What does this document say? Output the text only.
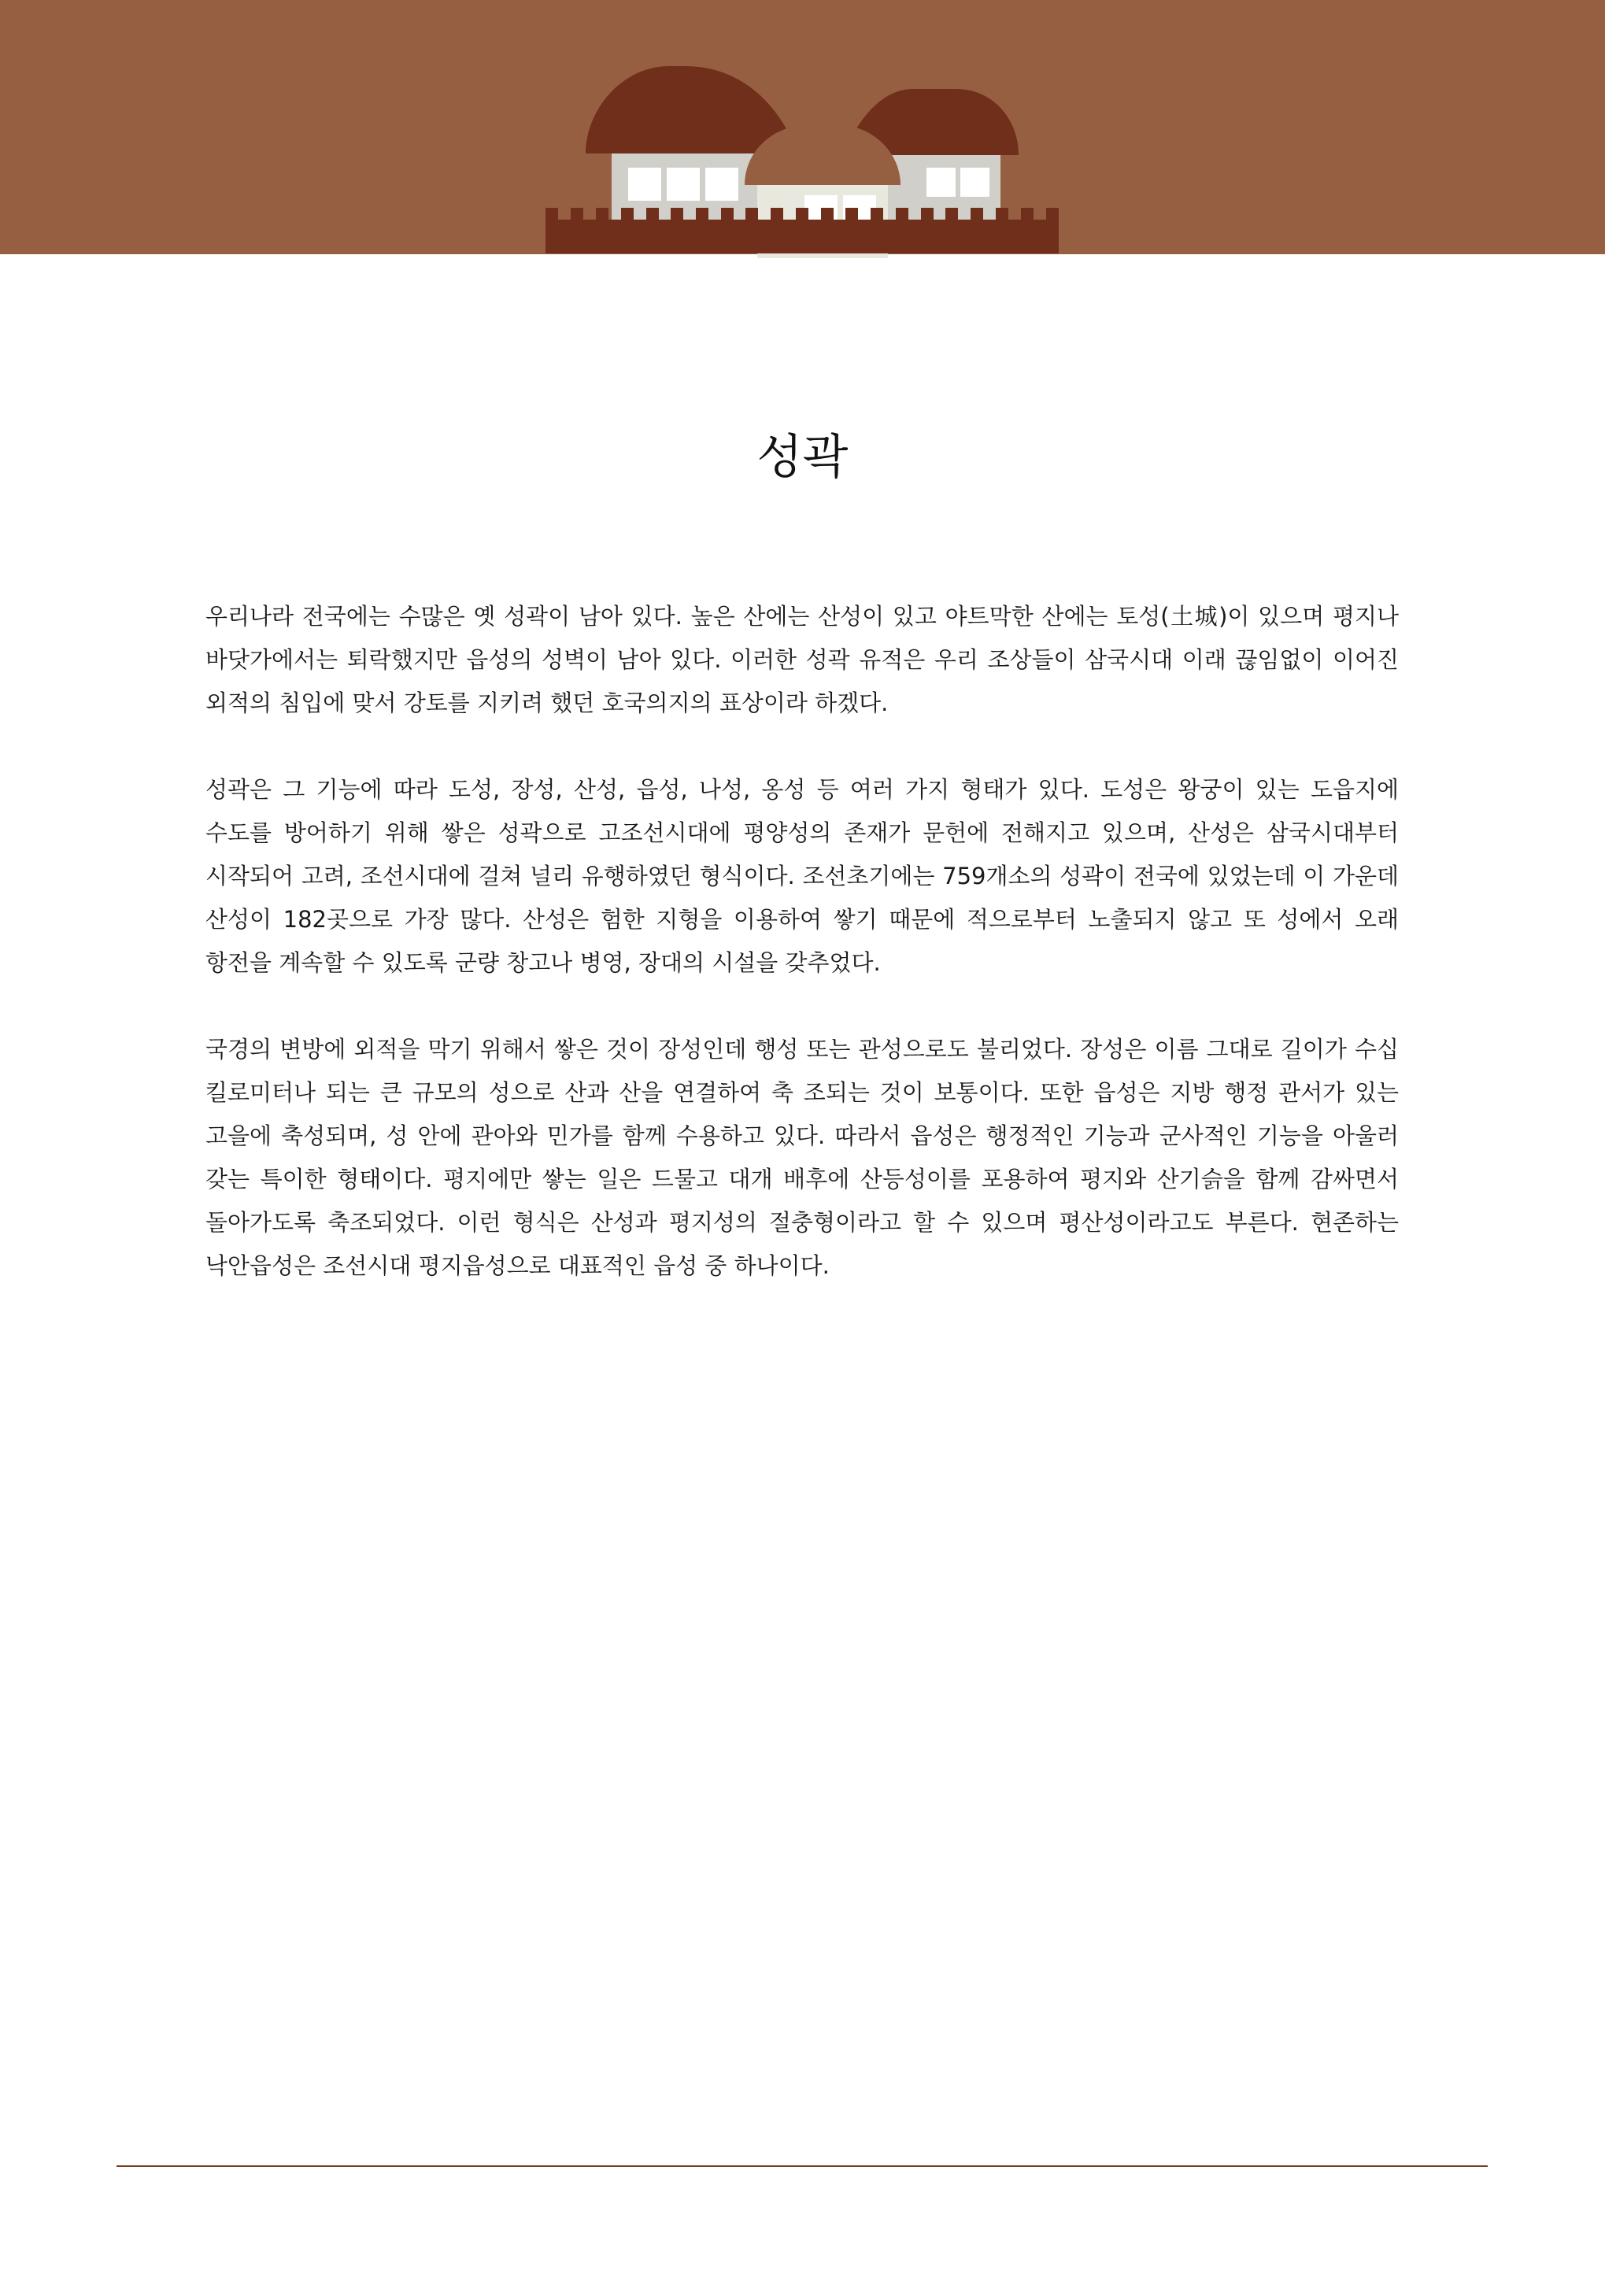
성곽

우리나라 전국에는 수많은 옛 성곽이 남아 있다. 높은 산에는 산성이 있고 야트막한 산에는 토성(土城)이 있으며 평지나 바닷가에서는 퇴락했지만 읍성의 성벽이 남아 있다. 이러한 성곽 유적은 우리 조상들이 삼국시대 이래 끊임없이 이어진 외적의 침입에 맞서 강토를 지키려 했던 호국의지의 표상이라 하겠다.

성곽은 그 기능에 따라 도성, 장성, 산성, 읍성, 나성, 옹성 등 여러 가지 형태가 있다. 도성은 왕궁이 있는 도읍지에 수도를 방어하기 위해 쌓은 성곽으로 고조선시대에 평양성의 존재가 문헌에 전해지고 있으며, 산성은 삼국시대부터 시작되어 고려, 조선시대에 걸쳐 널리 유행하였던 형식이다. 조선초기에는 759개소의 성곽이 전국에 있었는데 이 가운데 산성이 182곳으로 가장 많다. 산성은 험한 지형을 이용하여 쌓기 때문에 적으로부터 노출되지 않고 또 성에서 오래 항전을 계속할 수 있도록 군량 창고나 병영, 장대의 시설을 갖추었다.

국경의 변방에 외적을 막기 위해서 쌓은 것이 장성인데 행성 또는 관성으로도 불리었다. 장성은 이름 그대로 길이가 수십 킬로미터나 되는 큰 규모의 성으로 산과 산을 연결하여 축 조되는 것이 보통이다. 또한 읍성은 지방 행정 관서가 있는 고을에 축성되며, 성 안에 관아와 민가를 함께 수용하고 있다. 따라서 읍성은 행정적인 기능과 군사적인 기능을 아울러 갖는 특이한 형태이다. 평지에만 쌓는 일은 드물고 대개 배후에 산등성이를 포용하여 평지와 산기슭을 함께 감싸면서 돌아가도록 축조되었다. 이런 형식은 산성과 평지성의 절충형이라고 할 수 있으며 평산성이라고도 부른다. 현존하는 낙안읍성은 조선시대 평지읍성으로 대표적인 읍성 중 하나이다.
